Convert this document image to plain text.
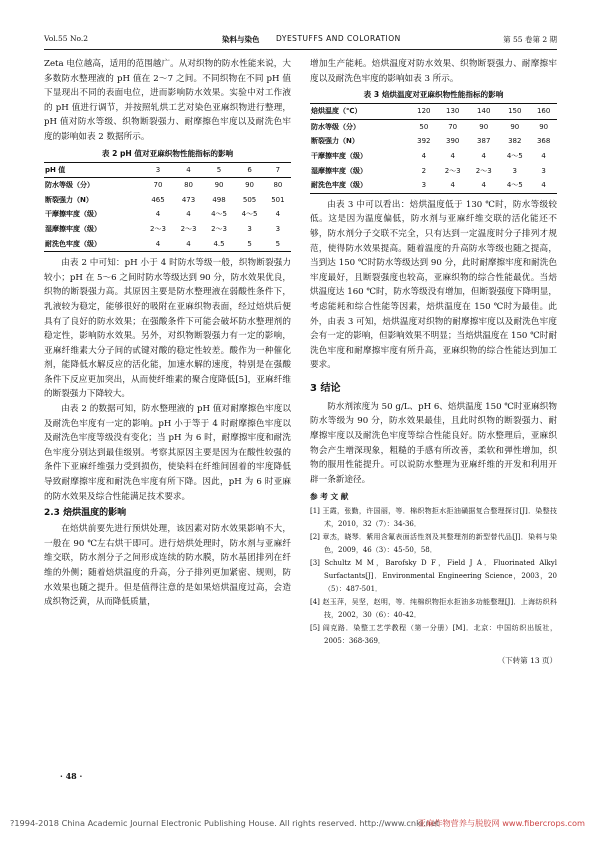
Vol.55 No.2	染料与染色 DYESTUFFS AND COLORATION	第 55 卷第 2 期

Zeta 电位越高，适用的范围越广。从对织物的防水性能来说，大多数防水整理液的 pH 值在 2～7 之间。不同织物在不同 pH 值下显现出不同的表面电位，进而影响防水效果。实验中对工作液的 pH 值进行调节，并按照轧烘工艺对染色亚麻织物进行整理，pH 值对防水等级、织物断裂强力、耐摩擦色牢度以及耐洗色牢度的影响如表 2 数据所示。

表 2 pH 值对亚麻织物性能指标的影响
pH 值	3	4	5	6	7
防水等级（分）	70	80	90	90	80
断裂强力（N）	465	473	498	505	501
干摩擦牢度（级）	4	4	4～5	4～5	4
湿摩擦牢度（级）	2～3	2～3	2～3	3	3
耐洗色牢度（级）	4	4	4.5	5	5

由表 2 中可知：pH 小于 4 时防水等级一般，织物断裂强力较小；pH 在 5～6 之间时防水等级达到 90 分，防水效果优良，织物的断裂强力高。其原因主要是防水整理液在弱酸性条件下，乳液较为稳定，能够很好的吸附在亚麻织物表面，经过焙烘后便具有了良好的防水效果；在强酸条件下可能会破坏防水整理剂的稳定性，影响防水效果。另外，对织物断裂强力有一定的影响，亚麻纤维素大分子间的甙键对酸的稳定性较差。酸作为一种催化剂，能降低水解反应的活化能，加速水解的速度，特别是在强酸条件下反应更加突出，从而使纤维素的聚合度降低[5]，亚麻纤维的断裂强力下降较大。

由表 2 的数据可知，防水整理液的 pH 值对耐摩擦色牢度以及耐洗色牢度有一定的影响。pH 小于等于 4 时耐摩擦色牢度以及耐洗色牢度等级没有变化；当 pH 为 6 时，耐摩擦牢度和耐洗色牢度分别达到最佳级别。考察其原因主要是因为在酸性较强的条件下亚麻纤维强力受到损伤，使染料在纤维间固着的牢度降低导致耐摩擦牢度和耐洗色牢度有所下降。因此，pH 为 6 时亚麻的防水效果及综合性能满足技术要求。

2.3 焙烘温度的影响

在焙烘前要先进行预烘处理，该因素对防水效果影响不大，一般在 90 ℃左右烘干即可。进行焙烘处理时，防水剂与亚麻纤维交联，防水剂分子之间形成连续的防水膜，防水基团排列在纤维的外侧；随着焙烘温度的升高，分子排列更加紧密、规则，防水效果也随之提升。但是值得注意的是如果焙烘温度过高，会造成织物泛黄，从而降低质量，

增加生产能耗。焙烘温度对防水效果、织物断裂强力、耐摩擦牢度以及耐洗色牢度的影响如表 3 所示。

表 3 焙烘温度对亚麻织物性能指标的影响
焙烘温度（℃）	120	130	140	150	160
防水等级（分）	50	70	90	90	90
断裂强力（N）	392	390	387	382	368
干摩擦牢度（级）	4	4	4	4～5	4
湿摩擦牢度（级）	2	2～3	2～3	3	3
耐洗色牢度（级）	3	4	4	4～5	4

由表 3 中可以看出：焙烘温度低于 130 ℃时，防水等级较低。这是因为温度偏低，防水剂与亚麻纤维交联的活化能还不够，防水剂分子交联不完全，只有达到一定温度时分子排列才规范，使得防水效果提高。随着温度的升高防水等级也随之提高，当到达 150 ℃时防水等级达到 90 分，此时耐摩擦牢度和耐洗色牢度最好，且断裂强度也较高，亚麻织物的综合性能最优。当焙烘温度达 160 ℃时，防水等级没有增加，但断裂强度下降明显，考虑能耗和综合性能等因素，焙烘温度在 150 ℃时为最佳。此外，由表 3 可知，焙烘温度对织物的耐摩擦牢度以及耐洗色牢度会有一定的影响，但影响效果不明显；当焙烘温度在 150 ℃时耐洗色牢度和耐摩擦牢度有所升高，亚麻织物的综合性能达到加工要求。

3 结论

防水剂浓度为 50 g/L、pH 6、焙烘温度 150 ℃时亚麻织物防水等级为 90 分，防水效果最佳，且此时织物的断裂强力、耐摩擦牢度以及耐洗色牢度等综合性能良好。防水整理后，亚麻织物会产生增深现象，粗糙的手感有所改善，柔软和弹性增加，织物的服用性能提升。可以说防水整理为亚麻纤维的开发和利用开辟一条新途径。

参 考 文 献

[1] 王霞，张勤，许国丽，等．棉织物拒水拒油磺据复合整理探讨[J]．染整技术，2010，32（7）：34-36．

[2] 章杰，晓琴．紫用含氟表面活性剂及其整理剂的新型替代品[J]．染料与染色，2009，46（3）：45-50，58．

[3] Schultz M M，Barofsky D F，Field J A．Fluorinated Alkyl Surfactants[J]．Environmental Engineering Science，2003，20（5）：487-501．

[4] 赵玉萍，吴坚，赵明，等．纯棉织物拒水拒油多功能整理[J]．上海纺织科技，2002，30（6）：40-42．

[5] 阎克路．染整工艺学教程（第一分册）[M]．北京：中国纺织出版社，2005：368-369．

（下转第 13 页）
· 48 ·
?1994-2018 China Academic Journal Electronic Publishing House. All rights reserved. http://www.cnki.net
亚麻作物营养与脱胶网 www.fibercrops.com
